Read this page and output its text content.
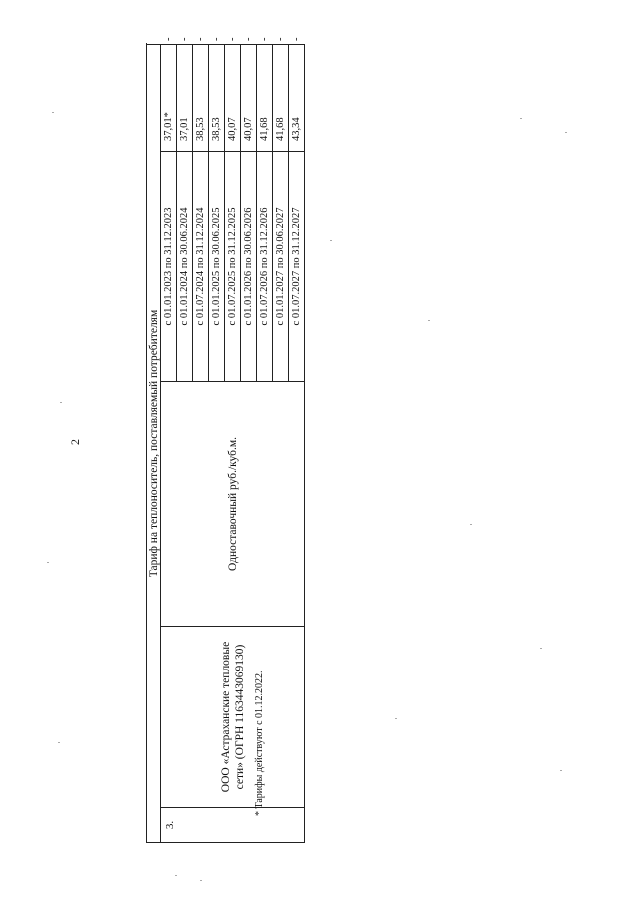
2	Тариф на теплоноситель, поставляемый потребителям					
3.	ООО «Астраханские тепловые сети» (ОГРН 1163443069130)	Одноставочный руб./куб.м.	с 01.01.2023 по 31.12.2023	37,01*	-
			с 01.01.2024 по 30.06.2024	37,01	-
			с 01.07.2024 по 31.12.2024	38,53	-
			с 01.01.2025 по 30.06.2025	38,53	-
			с 01.07.2025 по 31.12.2025	40,07	-
			с 01.01.2026 по 30.06.2026	40,07	-
			с 01.07.2026 по 31.12.2026	41,68	-
			с 01.01.2027 по 30.06.2027	41,68	-
			с 01.07.2027 по 31.12.2027	43,34	-
* Тарифы действуют с 01.12.2022.
